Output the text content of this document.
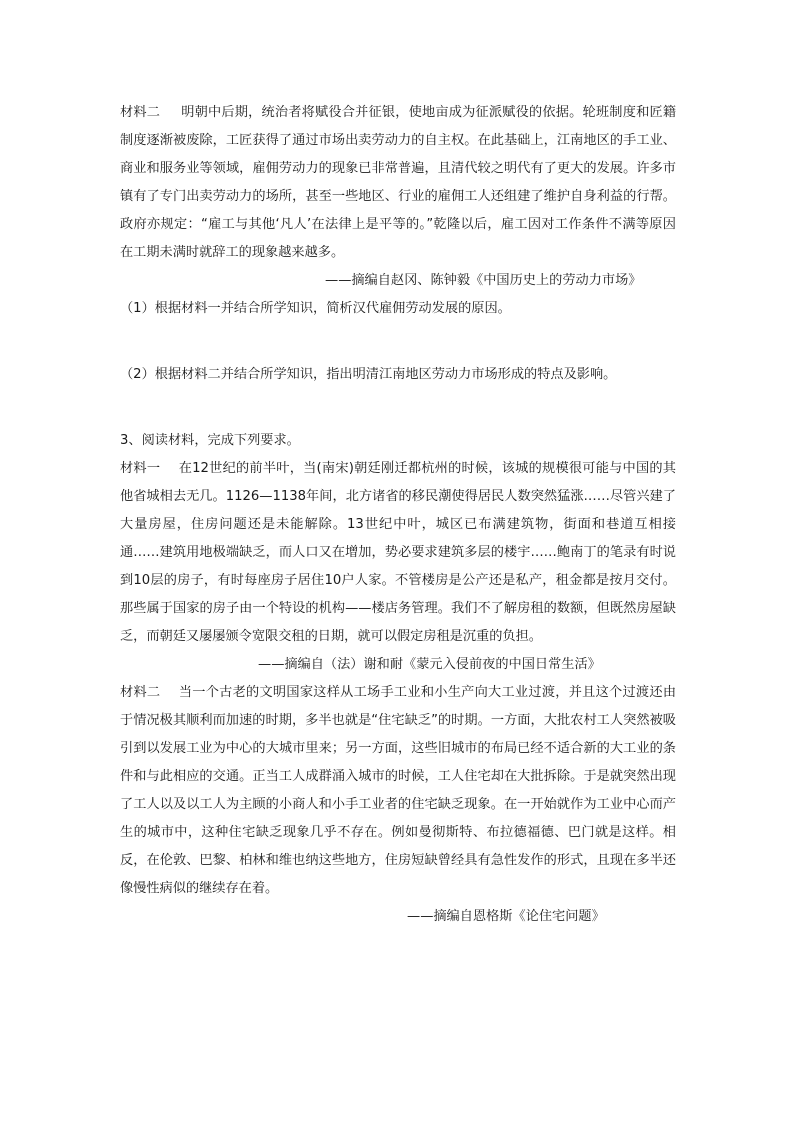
材料二 明朝中后期，统治者将赋役合并征银，使地亩成为征派赋役的依据。轮班制度和匠籍制度逐渐被废除，工匠获得了通过市场出卖劳动力的自主权。在此基础上，江南地区的手工业、商业和服务业等领域，雇佣劳动力的现象已非常普遍，且清代较之明代有了更大的发展。许多市镇有了专门出卖劳动力的场所，甚至一些地区、行业的雇佣工人还组建了维护自身利益的行帮。政府亦规定：“雇工与其他‘凡人’在法律上是平等的。”乾隆以后，雇工因对工作条件不满等原因在工期未满时就辞工的现象越来越多。

——摘编自赵冈、陈钟毅《中国历史上的劳动力市场》

（1）根据材料一并结合所学知识，简析汉代雇佣劳动发展的原因。

（2）根据材料二并结合所学知识，指出明清江南地区劳动力市场形成的特点及影响。

3、阅读材料，完成下列要求。

材料一 在12世纪的前半叶，当(南宋)朝廷刚迁都杭州的时候，该城的规模很可能与中国的其他省城相去无几。1126—1138年间，北方诸省的移民潮使得居民人数突然猛涨……尽管兴建了大量房屋，住房问题还是未能解除。13世纪中叶，城区已布满建筑物，街面和巷道互相接通……建筑用地极端缺乏，而人口又在增加，势必要求建筑多层的楼宇……鲍南丁的笔录有时说到10层的房子，有时每座房子居住10户人家。不管楼房是公产还是私产，租金都是按月交付。那些属于国家的房子由一个特设的机构——楼店务管理。我们不了解房租的数额，但既然房屋缺乏，而朝廷又屡屡颁令宽限交租的日期，就可以假定房租是沉重的负担。

——摘编自（法）谢和耐《蒙元入侵前夜的中国日常生活》

材料二 当一个古老的文明国家这样从工场手工业和小生产向大工业过渡，并且这个过渡还由于情况极其顺利而加速的时期，多半也就是“住宅缺乏”的时期。一方面，大批农村工人突然被吸引到以发展工业为中心的大城市里来；另一方面，这些旧城市的布局已经不适合新的大工业的条件和与此相应的交通。正当工人成群涌入城市的时候，工人住宅却在大批拆除。于是就突然出现了工人以及以工人为主顾的小商人和小手工业者的住宅缺乏现象。在一开始就作为工业中心而产生的城市中，这种住宅缺乏现象几乎不存在。例如曼彻斯特、布拉德福德、巴门就是这样。相反，在伦敦、巴黎、柏林和维也纳这些地方，住房短缺曾经具有急性发作的形式，且现在多半还像慢性病似的继续存在着。

——摘编自恩格斯《论住宅问题》
